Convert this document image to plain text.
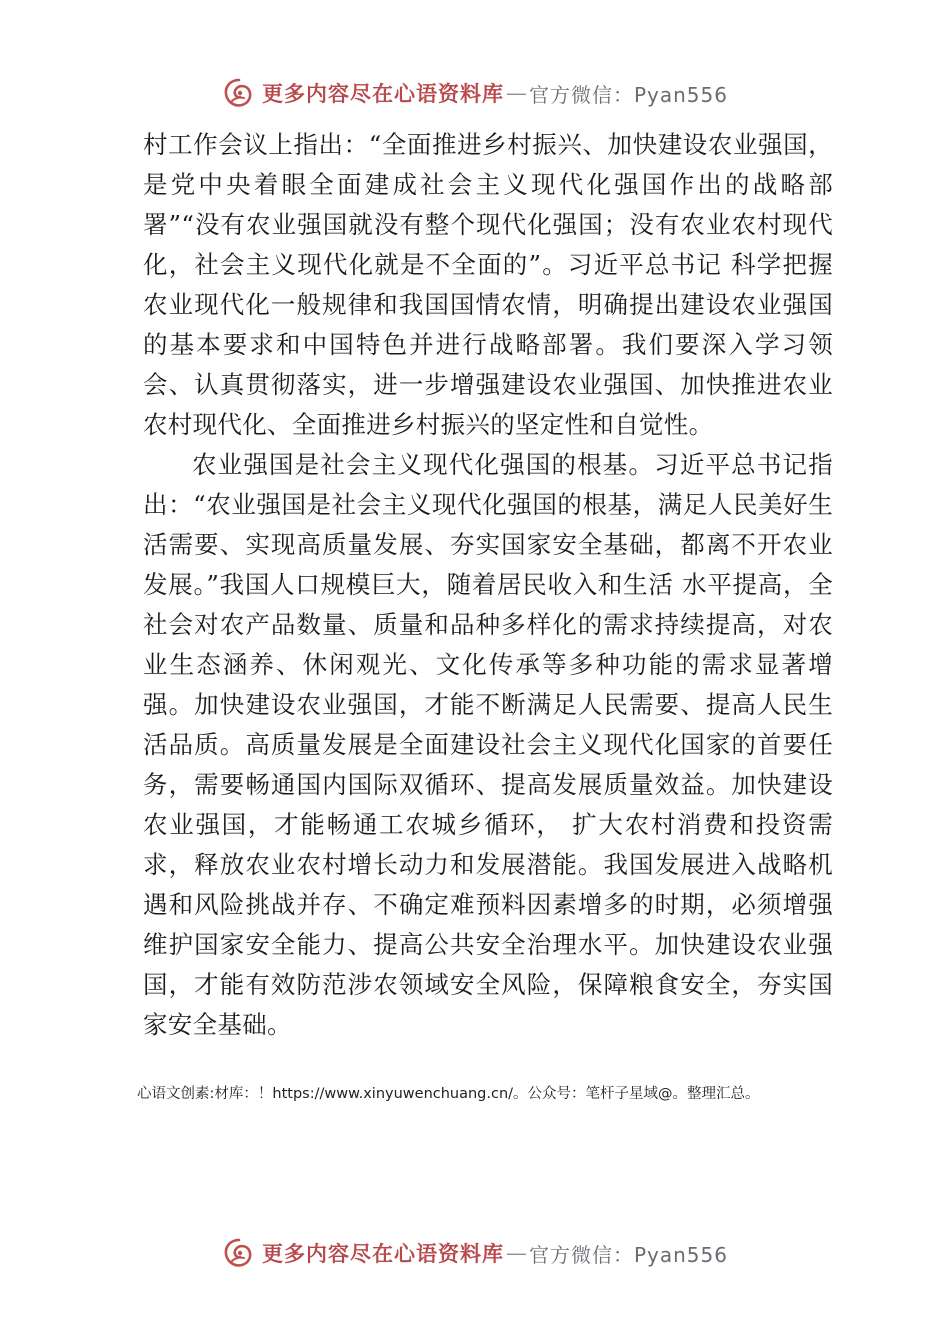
更多内容尽在心语资料库 — 官方微信：Pyan556

村工作会议上指出：“全面推进乡村振兴、加快建设农业强国，是党中央着眼全面建成社会主义现代化强国作出的战略部署”“没有农业强国就没有整个现代化强国；没有农业农村现代化，社会主义现代化就是不全面的”。习近平总书记 科学把握农业现代化一般规律和我国国情农情，明确提出建设农业强国的基本要求和中国特色并进行战略部署。我们要深入学习领会、认真贯彻落实，进一步增强建设农业强国、加快推进农业农村现代化、全面推进乡村振兴的坚定性和自觉性。

农业强国是社会主义现代化强国的根基。习近平总书记指出：“农业强国是社会主义现代化强国的根基，满足人民美好生活需要、实现高质量发展、夯实国家安全基础，都离不开农业发展。”我国人口规模巨大，随着居民收入和生活 水平提高，全社会对农产品数量、质量和品种多样化的需求持续提高，对农业生态涵养、休闲观光、文化传承等多种功能的需求显著增强。加快建设农业强国，才能不断满足人民需要、提高人民生活品质。高质量发展是全面建设社会主义现代化国家的首要任务，需要畅通国内国际双循环、提高发展质量效益。加快建设农业强国，才能畅通工农城乡循环， 扩大农村消费和投资需求，释放农业农村增长动力和发展潜能。我国发展进入战略机遇和风险挑战并存、不确定难预料因素增多的时期，必须增强维护国家安全能力、提高公共安全治理水平。加快建设农业强国，才能有效防范涉农领域安全风险，保障粮食安全，夯实国家安全基础。

心语文创素:材库：！https://www.xinyuwenchuang.cn/。公众号：笔杆子星域@。整理汇总。
更多内容尽在心语资料库 — 官方微信：Pyan556
